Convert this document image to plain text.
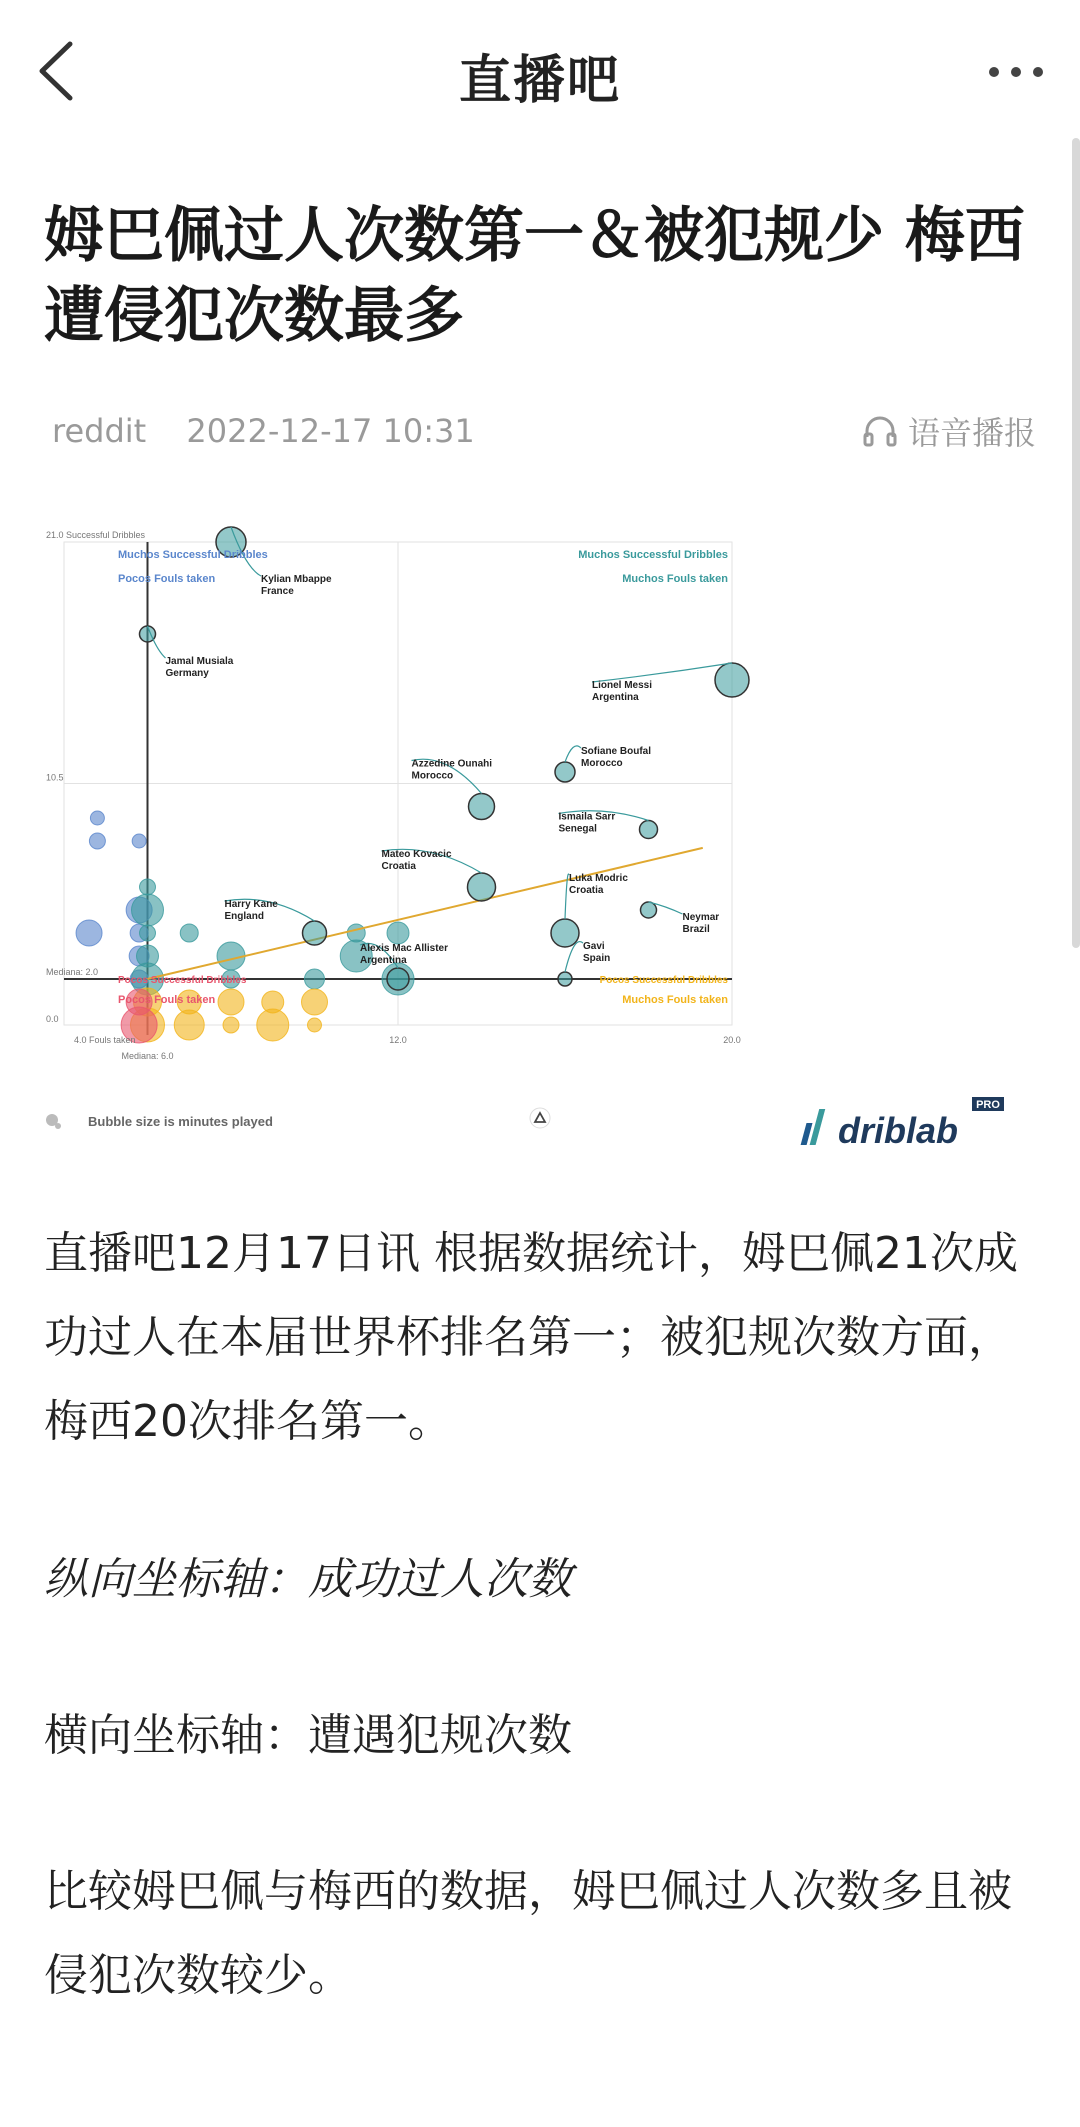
直播吧
姆巴佩过人次数第一＆被犯规少 梅西遭侵犯次数最多
reddit 2022-12-17 10:31	语音播报
Kylian Mbappe
France
Jamal Musiala
Germany
Lionel Messi
Argentina
Azzedine Ounahi
Morocco
Sofiane Boufal
Morocco
Ismaila Sarr
Senegal
Mateo Kovacic
Croatia
Harry Kane
England
Luka Modric
Croatia
Neymar
Brazil
Alexis Mac Allister
Argentina
Gavi
Spain
21.0 Successful Dribbles
10.5
0.0
4.0 Fouls taken	12.0	20.0
Mediana: 6.0
Mediana: 2.0
Muchos Successful Dribbles
Pocos Fouls taken
Muchos Successful Dribbles
Muchos Fouls taken
Pocos Successful Dribbles
Pocos Fouls taken
Pocos Successful Dribbles
Muchos Fouls taken
driblab
PRO
Bubble size is minutes played
直播吧12月17日讯 根据数据统计，姆巴佩21次成功过人在本届世界杯排名第一；被犯规次数方面，梅西20次排名第一。
纵向坐标轴：成功过人次数
横向坐标轴：遭遇犯规次数
比较姆巴佩与梅西的数据，姆巴佩过人次数多且被侵犯次数较少。
